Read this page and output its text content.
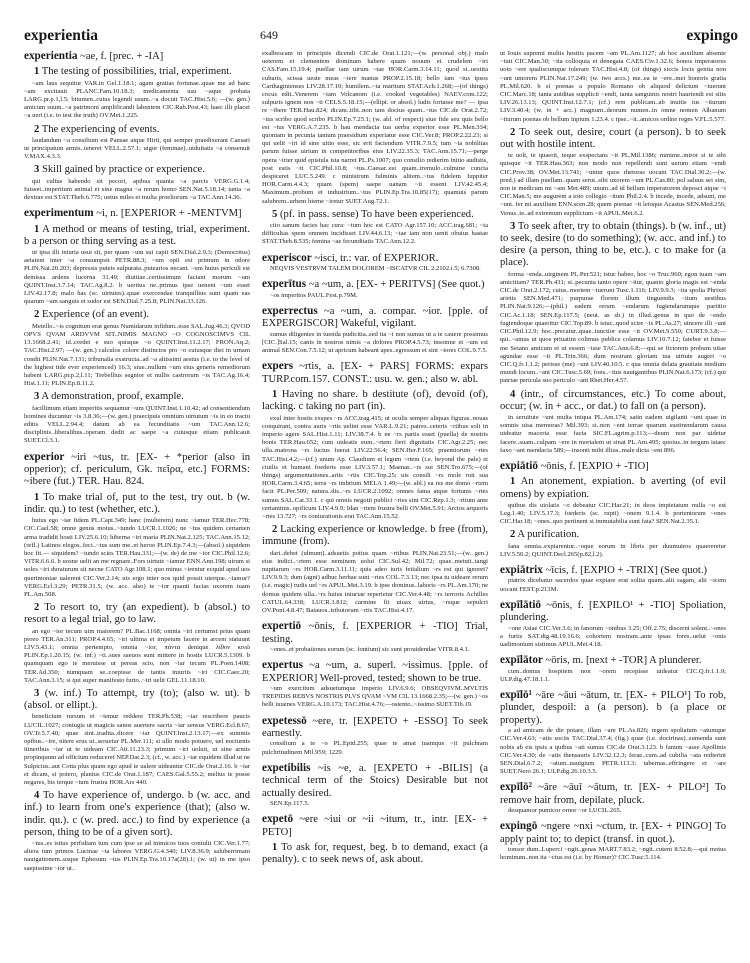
experientia	649	expingo

experientia ~ae, f. [prec. + -IA]

1 The testing of possibilities, trial, experiment.

~am laus sequitur VAR.in Gel.1.18.1; agam gratias fortunae..quae me ad hanc ~am excitauit PLANC.Fam.10.18.3; medicamenta usu ~aque probata LARG.pr.p.1,l.5; bitumen..cuius legendi usum..~a docuit TAC.Hist.5.6; —(w. gen.) amicum suum..~a patrimoni amplificandi labentem CIC.Rab.Post.43; haec illi placet ~a ueri (i.e. to test the truth) OV.Met.1.225.

2 The experiencing of events.

laudandum ~a consilium est Pansae atque Hirti, qui semper praedixerant Caesari ut principatum armis..teneret VELL.2.57.1; uigor (feminae)..uiduitatis ~a consenuit V.MAX.4.3.3.

3 Skill gained by practice or experience.

qui cultus habendo sit pecori, apibus quanta ~a parcis VERG.G.1.4; fuisset..imperitum animal et sine magna ~a rerum homo SEN.Nat.5.18.14; tanta ~a dextrae est STAT.Theb.6.775; uetus miles et multa proeliorum ~a TAC.Ann.14.36.

experimentum ~i, n. [EXPERIOR + -MENTVM]

1 A method or means of testing, trial, experiment. b a person or thing serving as a test.

ut ipsa illi iniuria usui sit, per quam ~um sui capit SEN.Dial.2.9.3; (Democritus) aetatem inter ~a consumpsit PETR.88.3; ~um opii est primum in odore PLIN.Nat.20.203; depressis puteis sulpurata..putearios necant. ~um huius periculi est demissa ardens lucerna 31.49; diuitiae..certissimum faciant morum ~um QUINT.Inst.3.7.14; TAC.Ag.8.2. b ueritus ne..primus ipse ueneni ~um esset LIV.42.17.8; malo has (sc. uirtutes)..quae exercendae tranquillius sunt quam eas quarum ~um sanguis et sudor est SEN.Dial.7.25.8; PLIN.Nat.33.126.

2 Experience (of an event).

Metello..~is cognitum erat genus Numidarum infidum..esse SAL.Jug.46.3; QVOD OPVS QVAM ARDVVM SIT..NIMIS MAGNO ~O COGNOSCIMVS CIL 13.1668.2.41; id..credet e suo quisque ~o QUINT.Inst.11.2.17; FRON.Aq.2; TAC.Hist.2.97; —(w. gen.) calculos colore distinctos pro ~o cuiusque diei in urnam condit PLIN.Nat.7.131; tribunalia exstructa..ad ~a altissimi aestus (i.e. to the level of the highest tide ever experienced) 16.3; siue..nullum ~um eius generis remediorum habent LARG.pr.p.2,l.11; Trebellius segnior et nullis castrorum ~is TAC.Ag.16.4; Hist.1.11; PLIN.Ep.8.11.2.

3 A demonstration, proof, example.

facillimum etiam imperitis sequamur ~um QUINT.Inst.1.10.42; ad consentiendum homines ducuntur ~is 3.8.36;—(w. gen.) praecipuis omnium uirtutum ~is in eo tractu editis VELL.2.94.4; datum ab ea fecunditatis ~um TAC.Ann.12.6; disciplinis..liberalibus..operam dedit ac saepe ~a cuiusque etiam publicauit SUET.Cl.3.1.

experior ~iri ~tus, tr. [EX- + *perior (also in opperior); cf. periculum, Gk. πεῖρα, etc.] FORMS: ~ibere (fut.) TER. Hau. 824.

1 To make trial of, put to the test, try out. b (w. indir. qu.) to test (whether, etc.).

huius ego ~iar fidem PL.Capt.349; hanc (mulierem) nunc ~iamur TER.Hec.778; CIC.Cael.58; omne genus motus..~iundo LUCR.1.1026; ne ~tus quidem certamen arma tradidit hosti LIV.25.6.10; hiberna ~iri maria PLIN.Nat.2.125; TAC.Ann.15.12; (refl.) Latinos elegos..feci..~tus sum me..et heroo PLIN.Ep.7.4.3;—(absol.) siquidem hoc fit.— siquidem? ~iundo scies TER.Hau.331;—(w. de) de me ~ior CIC.Phil.12.6; VITR.6.6.6. b uosne uelit an me regnare..Fors uirtute ~iamur ENN.Ann.198; uirum si uoles ~iri duraturum sit necne CATO Agr.108.1; quo minus ~irentur ecquid apud uos querimoniae ualerent CIC.Ver.2.14; uis ergo inter nos quid possit uterque..~iamur? VERG.Ecl.3.29; PETR.31.5; (w. acc. also) te ~ior quanti facias uxorem tuam PL.Am.508.

2 To resort to, try (an expedient). b (absol.) to resort to a legal trial, go to law.

an ego ~ior tecum uim maiorem? PL.Bac.1168; omnia ~iri certumst prius quam pereo TER.An.311; PROP.4.4.65; ~iri ultima et impetum facere in arcem statuunt LIV.5.43.1; omnia pertempto, omnia ~ior, πάντα denique λίθον κινῶ PLIN.Ep.1.20.15; (w. inf.) ~ti..sues saeuos sunt mittere in hostis LUCR.5.1309. b quamquam ego te meruisse ut pereas scio, non ~iar tecum PL.Poen.1408; TER.Ad.350; numquam se..coepisse de tantis iniuriis ~iri CIC.Caec.20; TAC.Ann.3.15; si qui super manifesto furto..~iri uelit GEL.11.18.10.

3 (w. inf.) To attempt, try (to); (also w. ut). b (absol. or ellipt.).

beneficium rursum ei ~iemur reddere TER.Ph.538; ~iar rescribere paucis LUCIL.1027; coniugis ut magicis sanos auertere sacris ~iar sensus VERG.Ecl.8.67; OV.Tr.5.7.40; quae sint..tradita..dicere ~iar QUINT.Inst.2.13.17;—ex summis opibus..~ire, nitere erus ut..seruetur PL.Mer.111; si ullo modo potuero, uel nocturnis itineribus ~iar ut te uideam CIC.Att.11.23.3; primum ~iri uoluit, ut sine armis propinquum ad officium reduceret NEP.Dat.2.3; (cf., w. acc.) ~iar equidem illud ut ne Sulpicius..aut Cotta plus quam ego apud te ualere uideantur CIC.de Orat.2.16. b ~iar et dicam, si potero, planius CIC.de Orat.1.187; CAES.Gal.5.55.2; melius te posse negares, bis terque ~tum frustra HOR.Ars 440.

4 To have experience of, undergo. b (w. acc. and inf.) to learn from one's experience (that); (also w. indir. qu.). c (w. pred. acc.) to find by experience (a person, thing to be of a given sort).

~tus..es istius perfidiam tum cum ipse se ad inimicos tuos contulit CIC.Ver.1.77; altera tum primos Lucinae ~ta labores VERG.G.4.340; LIV.8.36.9; saluberrimam nauigationem..usque Ephesum ~tus PLIN.Ep.Tra.10.17a(28).1; (w. ut) in me ipso saepissime ~ior ut..

exalbescam in principiis dicendi CIC.de Orat.1.121;—(w. personal obj.) malo ueterem et clementem dominum habere quam nouum et crudelem ~iri CAS.Fam.15.19.4; puellae iam uirum ~tae HOR.Carm.3.14.11; quod si..uestita cubaris, scissa ueste meas ~iere manus PROP.2.15.18; bello iam ~tus ipsos Carthaginienses LIV.28.17.10; humilem..~ta maritum STAT.Ach.1.268;—(of things) cocus edit..Venerem ~tam Volcanom (i.e. cooked vegetables) NAEV.com.122; sulpuris ignem non ~ti CELS.5.18.15;—(ellipt. or absol.) ludis fortasse me? — ipsa re ~ibere TER.Hau.824; dicam..tibi..non tam doctus quam..~tus CIC.de Orat.2.72; ~tus scribo quod scribo PLIN.Ep.7.25.1; (w. abl. of respect) siue fide seu quis bello est ~tus VERG.A.7.235. b hau mendacia tua uerba experior esse PL.Men.334; quoniam in pecunia tantum praesidium experiatur esse CIC.Ver.8; PROP.2.22.23; si qui uelit ~iri id sine uitio esse, sic erit faciendum VITR.7.9.5; tum ~ta nobilitas parum fuisse uirium in competitoribus eius LIV.22.35.3; TAC.Ann.15.71;—perge opera ~irier quid epistula ista narret PL.Ps.1007; quo consilio redierim initio audistis, post estis ~ti CIC.Phil.10.8; ~tus..Caesar..est quam..tremulo..culmine cuncta despiceret LUC.5.249. c ministrum fulminis alitem..~tus fidelem Iuppiter HOR.Carm.4.4.3; quam (spem) saepe uanam ~ti essent LIV.42.45.4; Maximum..probum et industrium..~tus PLIN.Ep.Tra.10.85(17); quamuis parum salubrem..urbem hieme ~iretur SUET.Aug.72.1.

5 (pf. in pass. sense) To have been experienced.

cito sanum facies hac cura: ~tum hoc est CATO Agr.157.10; ACC.trag.681; ~ta difficultas spem omnem incidisset LIV.44.6.13; ~tae iam non uenit obuius hastae STAT.Theb.8.535; femina ~ae fecunditatis TAC.Ann.12.2.

experiscor ~isci, tr.: var. of EXPERIOR.

NEQVIS VESTRVM TALEM DOLOREM ~ISCATVR CIL 2.2102.i.5; 6.7308.

experītus ~a ~um, a. [EX- + PERITVS] (See quot.)

~os imperitos PAUL.Fest.p.79M.

experrectus ~a ~um, a. compar. ~ior. [pple. of EXPERGISCOR] Wakeful, vigilant.

sumus diligentes in tuenda pudicitia..sed ita ~i non sumus ut a te cauere possimus [CIC.]Sal.15; canis in nostros nimis ~a dolores PROP.4.5.73; insomne et ~um est animal SEN.Con.7.5.12; ut apricum habeant apes..egressum et sint ~iores COL.9.7.5.

expers ~rtis, a. [EX- + PARS] FORMS: expars TURP.com.157. CONST.: usu. w. gen.; also w. abl.

1 Having no share. b destitute (of), devoid (of), lacking. c taking no part (in).

exul inter hostis exspes ~rs ACC.trag.415; ut oculis semper aliquas figuras..nouas conquirant, contra auris ~rtis uelint esse VAR.L.9.21; patres..ceteris ~rtibus soli in imperio agere SAL.Hist.1.11; LIV.38.7.4. b ne ~rs partis esset (puella) de nostris bonis TER.Hau.652; cum uideatis eum..~rtem fieri dignitatis CIC.Agr.2.25; nec ulla..matrona ~rs luctus fuerat LIV.22.56.4; SEN.Her.F.165; praemiorum ~rtes TAC.Hist.4.2;—(cf.) unum Ap. Claudium et legum ~rtem (i.e. beyond the pale) et ciuilis et humani foederis esse LIV.3.57.1; Maenas..~rs sui SEN.Tro.675;—(of things) argumentationes..artis ~rtis CIC.Top.25; uis consili ~rs mole ruit sua HOR.Carm.3.4.65; terra ~rs imbrium MELA 1.49;—(w. abl.) ea res me domo ~rtem facit PL.Per.509; natura..dis..~rs LUCR.2.1092; omnes fama atque fortunis ~rtes sumus SAL.Cat.33.1. c qui omnis negotii publici ~rtes sint CIC.Rep.1.3; ~rtium ante certaminis..opificum LIV.4.9.9; Idan ~rtem frustra belli OV.Met.5.91; Arctos arquoris ~rtes 13.727; ~rs coniurationis erat TAC.Ann.15.52.

2 Lacking experience or knowledge. b free (from), immune (from).

dari..debet (ulmum)..adsuetis potius quam ~rtibus PLIN.Nat.23.51;—(w. gen.) eius indici..~rtem esse neminem uolui CIC.Sul.42; Mil.72; quae..metuit..tangi nuptiarum ~rs HOR.Carm.3.11.11; quis adeo iuris fetialium ~rs est qui ignoret? LIV.9.9.3; dum (agni) adhuc herbae sunt ~rtes COL.7.3.13; nec ipsa tu uideare rerum (i.e. magic) rudis uel ~rs APUL.Met.3.19. b ipse dominus..laboris ~rs PL.Am.170; ne domus quidem ulla..~rs huius iniuriae reperietur CIC.Ver.4.48; ~rs terroris Achilles CATUL.64.338; LUCR.3.812; carmine fit uiuax uirtus, ~rsque sepulcri OV.Pont.4.8.47; Batauos..tributorum ~rtis TAC.Hist.4.17.

expertiō ~ōnis, f. [EXPERIOR + -TIO] Trial, testing.

~ones..et probationes eorum (sc. fontium) sic sunt prouidendae VITR.8.4.1.

expertus ~a ~um, a. superl. ~issimus. [pple. of EXPERIOR] Well-proved, tested; shown to be true.

~um exercitum adsuetumque imperio LIV.6.9.6; OBSEQVIVM..MVLTIS TREPIDIS REBVS NOSTRIS PLVS QVAM ~VM CIL 13.1668.2.35;—(w. gen.) ~os belli iuuenes VERG.A.10.173; TAC.Hist.4.76;—ostento..~issimo SUET.Tib.19.

expetessō ~ere, tr. [EXPETO + -ESSO] To seek earnestly.

consilium a te ~o PL.Epid.255; quae te amat tuamque ~it pulchram pulchritudinem Mil.959; 1229.

expetibilis ~is ~e, a. [EXPETO + -BILIS] (a technical term of the Stoics) Desirable but not actually desired.

SEN.Ep.117.5.

expetō ~ere ~iui or ~ii ~itum, tr., intr. [EX- + PETO]

1 To ask for, request, beg. b to demand, exact (a penalty). c to seek news of, ask about.

ut Iouis supremi multis hostiis pacem ~am PL.Am.1127; ab hoc auxilium absente ~iuit CIC.Man.30; ~ita colloquia et denegata CAES.Civ.1.32.6; bonos imperatores uoto ~ere qualiscumque tolerare TAC.Hist.4.8; (of things) siccis locis genita non ~unt umorem PLIN.Nat.17.249; (w. two accs.) me..ea te ~ere..mei honoris gratia PL.Mil.620. b si poenas a populo Romano ob aliquod delictum ~iuerunt CIC.Marc.18; tanta auiditas supplicii ~endi, tanta sanguinis nostri hauriendi est sitis LIV.26.13.13; QUINT.Inst.12.7.1; (cf.) rem publicam..ab inuitis ius ~iturum LIV.3.40.4; (w. in + acc.) magnum..deorum numen..in omne nomen Albanum ~iturum poenas ob bellum inpium 1.23.4. c ipse..~it..amicos ordine reges V.FL.5.577.

2 To seek out, desire, court (a person). b to seek out with hostile intent.

te uolt, te quaerit, teque exspectans ~it PL.Mil.1386; minime..miror si te sibi quisque ~it TER.Hau.363; non modo non repellendi sunt uerum etiam ~endi CIC.Prov.38; OV.Met.13.741; ~untur quos rhetoras uocant TAC.Dial.30.2;—(w. pred.) ad illam puellam..quam serui..sibi uxorem ~unt PL.Cas.80; pol saluus sei sim, non te medicum mi ~am Mer.489; unum..ad id bellum imperatorem deposci atque ~i CIC.Man.5; me augurem a toto collegio ~itum Phil.2.4. b incede, incede, adsunt, me ~unt. fer mi auxilium ENN.scen.28; quem poenae ~it letoque Acastus SEN.Med.256; Venus..te..ad extremum supplicium ~it APUL.Met.6.2.

3 To seek after, try to obtain (things). b (w. inf., ut) to seek, desire (to do something); (w. acc. and inf.) to desire (a person, thing to be, etc.). c to make for (a place).

forma ~enda..uirginem PL.Per.521; istuc habeo, hoc ~o Truc.960; egon tuam ~am amicitiam? TER.Ph.431; si..pecunia tanto opere ~itur, quanto gloria magis est ~enda CIC.de Orat.2.172; cuius..mortem ~iuerunt Tusc.1.116; LIV.9.9.3; ~ita spolia Phrixei arietis SEN.Med.471; purpurae florem illum tinguendis ~itum uestibus PLIN.Nat.9.126;—(phil.) eadem rerum ~endarum fugiendarumque partitio CIC.Ac.1.18; SEN.Ep.117.5; (neut. as sb.) in illud..genus in quo de ~endo fugiendoque quaeritur CIC.Top.89. b istuc..quod scire ~is PL.As.27; uincere illi ~unt CIC.Phil.12.9; hoc..precatur..quae..iunctior esse ~it OV.Met.9.550; CURT.9.3.8;—qui..~amus ut quos priuatim colimus publice colamus LIV.10.7.12; fatebor et fuisse me Seiano amicum et ut essem ~isse TAC.Ann.6.8;—qui se fictorem probum uitae agundae esse ~it PL.Trin.366; dum nostram gloriam tua uirtute augeri ~o CIC.Q.fr.1.1.2; perisse (me) ~unt LIV.40.10.5. c qua omnia delata grauitate medium mundi locum..~ant CIC.Tusc.5.69; fons..~itus nauigantibus PLIN.Nat.6.173; (cf.) qui patriae pericula suo periculo ~ant Rhet.Her.4.57.

4 (intr., of circumstances, etc.) To come about, occur; (w. in + acc., or dat.) to fall on (a person).

in seruitute ~unt multa iniqua PL.Am.174; satin eadem uigilanti ~unt quae in somnis uisa memoras? Mil.393; si..non ~ent terrae quarum sustinendarum causa uideatur maceria esse facta SIC.FL.agrim.p.113;—deum non par uidetur facere..suam..culpam ~ere in mortalem ut sinat PL.Am.495; quoius..in tergum istaec faxo ~ant mendacia 589;—insonti mihi illius..male dicta ~ent 896.

expiātiō ~ōnis, f. [EXPIO + -TIO]

1 An atonement, expiation. b averting (of evil omens) by expiation.

quibus dis uiolatis ~o debeatur CIC.Har.21; in deos impietatum nulla ~o est Leg.1.40; LIV.5.17.3; foederis (sc. rupti) ~onem 9.1.4. b portentorum ~ones CIC.Har.18; ~ones..quo pertinent si immutabilia sunt fata? SEN.Nat.2.35.1.

2 A purification.

fana omnia..expiarentur..~oque eorum in libris per duumuiros quaereretur LIV.5.50.2; QUINT.Decl.265(p.82,l.2).

expiātrix ~īcis, f. [EXPIO + -TRIX] (See quot.)

piatrix dicebatur sacerdos quae expiare erat solita quam..alii sagam, alii ~icem uocant FEST.p.213M.

expīlātiō ~ōnis, f. [EXPILO¹ + -TIO] Spoliation, plundering.

~one Asiae CIC.Ver.3.6; in fanorum ~onibus 3.25; Off.2.75; discerni solent..~ones a furtis SAT.dig.48.19.16.6; cohortem nostram..ante ipsas fores..uelut ~onis uadimonium sistimus APUL.Met.4.18.

expīlātor ~ōris, m. [next + -TOR] A plunderer.

cum..domus hospitem non ~orem recepisse uideatur CIC.Q.fr.1.1.9; ULP.dig.47.18.1.1.

expīlō¹ ~āre ~āui ~ātum, tr. [EX- + PILO¹] To rob, plunder, despoil: a (a person). b (a place or property).

a ad amicam de die potare, illam ~are PL.As.826; regem spoliatum ~atumque CIC.Ver.4.63; ~atis sociis TAC.Dial.37.4; (fig.) quae (i.e. doctrinas)..sumenda sunt nobis ab eis ipsis a quibus ~ati sumus CIC.de Orat.3.123. b fanum ~asse Apollinis CIC.Ver.4.30; de ~atis thensauris LIV.32.12.3; ferae..cum..ad cubilia ~ata redierint SEN.Dial.6.7.2; ~atum..nauigium PETR.113.3; tabernas..effringere et ~are SUET.Nero 26.1; ULP.dig.26.10.3.5.

expīlō² ~āre ~āuī ~ātum, tr. [EX- + PILO²] To remove hair from, depilate, pluck.

desquamor pumicor ornor ~or LUCIL.265.

expingō ~ngere ~nxi ~ctum, tr. [EX- + PINGO] To apply paint to; to depict (transf. in quot.).

tonsor dum..Luperci ~ngit..genas MART.7.83.2; ~ngit..cutem 8.52.8;—qui motus hominum..non ita ~ctus est (i.e. by Homer)? CIC.Tusc.5.114.
